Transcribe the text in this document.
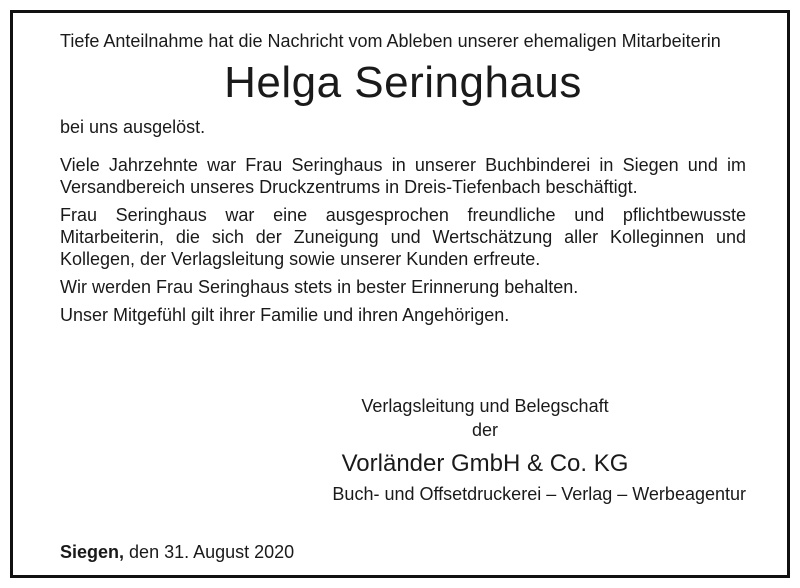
Tiefe Anteilnahme hat die Nachricht vom Ableben unserer ehemaligen Mitarbeiterin

Helga Seringhaus

bei uns ausgelöst.

Viele Jahrzehnte war Frau Seringhaus in unserer Buchbinderei in Siegen und im Versandbereich unseres Druckzentrums in Dreis-Tiefenbach beschäftigt.

Frau Seringhaus war eine ausgesprochen freundliche und pflichtbewusste Mitarbeiterin, die sich der Zuneigung und Wertschätzung aller Kolleginnen und Kollegen, der Verlagsleitung sowie unserer Kunden erfreute.

Wir werden Frau Seringhaus stets in bester Erinnerung behalten.

Unser Mitgefühl gilt ihrer Familie und ihren Angehörigen.

Verlagsleitung und Belegschaft
der
Vorländer GmbH & Co. KG
Buch- und Offsetdruckerei – Verlag – Werbeagentur
Siegen, den 31. August 2020
